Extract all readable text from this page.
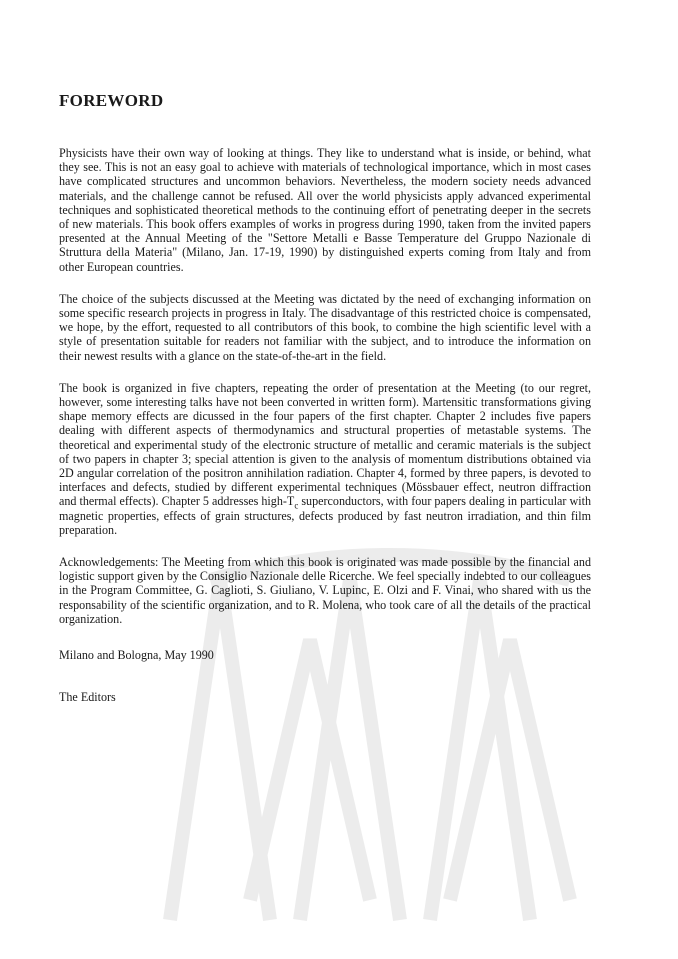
FOREWORD

Physicists have their own way of looking at things. They like to understand what is inside, or behind, what they see. This is not an easy goal to achieve with materials of technological importance, which in most cases have complicated structures and uncommon behaviors. Nevertheless, the modern society needs advanced materials, and the challenge cannot be refused. All over the world physicists apply advanced experimental techniques and sophisticated theoretical methods to the continuing effort of penetrating deeper in the secrets of new materials. This book offers examples of works in progress during 1990, taken from the invited papers presented at the Annual Meeting of the "Settore Metalli e Basse Temperature del Gruppo Nazionale di Struttura della Materia" (Milano, Jan. 17-19, 1990) by distinguished experts coming from Italy and from other European countries.

The choice of the subjects discussed at the Meeting was dictated by the need of exchanging information on some specific research projects in progress in Italy. The disadvantage of this restricted choice is compensated, we hope, by the effort, requested to all contributors of this book, to combine the high scientific level with a style of presentation suitable for readers not familiar with the subject, and to introduce the information on their newest results with a glance on the state-of-the-art in the field.

The book is organized in five chapters, repeating the order of presentation at the Meeting (to our regret, however, some interesting talks have not been converted in written form). Martensitic transformations giving shape memory effects are dicussed in the four papers of the first chapter. Chapter 2 includes five papers dealing with different aspects of thermodynamics and structural properties of metastable systems. The theoretical and experimental study of the electronic structure of metallic and ceramic materials is the subject of two papers in chapter 3; special attention is given to the analysis of momentum distributions obtained via 2D angular correlation of the positron annihilation radiation. Chapter 4, formed by three papers, is devoted to interfaces and defects, studied by different experimental techniques (Mössbauer effect, neutron diffraction and thermal effects). Chapter 5 addresses high-$T_c$ superconductors, with four papers dealing in particular with magnetic properties, effects of grain structures, defects produced by fast neutron irradiation, and thin film preparation.

Acknowledgements: The Meeting from which this book is originated was made possible by the financial and logistic support given by the Consiglio Nazionale delle Ricerche. We feel specially indebted to our colleagues in the Program Committee, G. Caglioti, S. Giuliano, V. Lupinc, E. Olzi and F. Vinai, who shared with us the responsability of the scientific organization, and to R. Molena, who took care of all the details of the practical organization.

Milano and Bologna, May 1990

The Editors
